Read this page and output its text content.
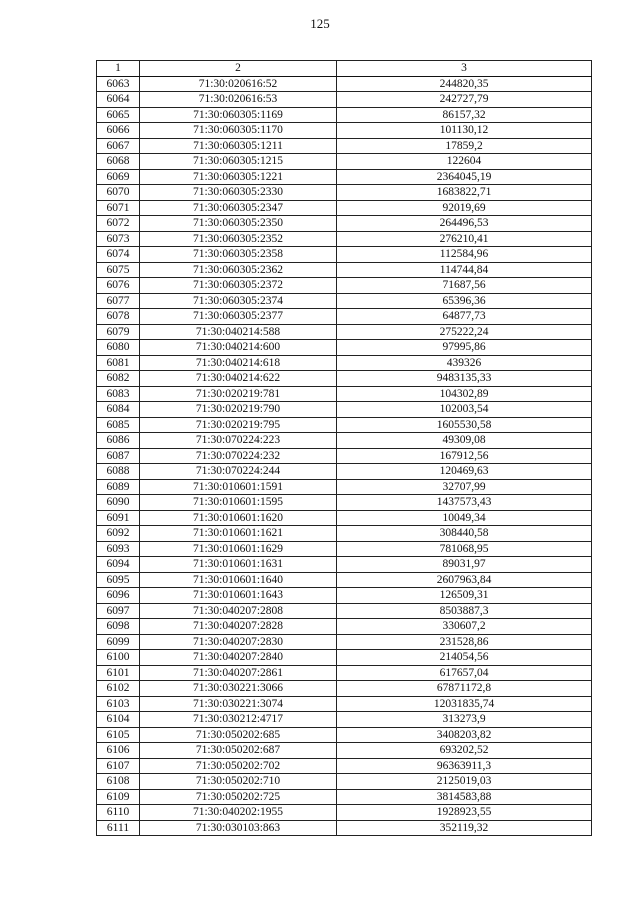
125
1	2	3
6063	71:30:020616:52	244820,35
6064	71:30:020616:53	242727,79
6065	71:30:060305:1169	86157,32
6066	71:30:060305:1170	101130,12
6067	71:30:060305:1211	17859,2
6068	71:30:060305:1215	122604
6069	71:30:060305:1221	2364045,19
6070	71:30:060305:2330	1683822,71
6071	71:30:060305:2347	92019,69
6072	71:30:060305:2350	264496,53
6073	71:30:060305:2352	276210,41
6074	71:30:060305:2358	112584,96
6075	71:30:060305:2362	114744,84
6076	71:30:060305:2372	71687,56
6077	71:30:060305:2374	65396,36
6078	71:30:060305:2377	64877,73
6079	71:30:040214:588	275222,24
6080	71:30:040214:600	97995,86
6081	71:30:040214:618	439326
6082	71:30:040214:622	9483135,33
6083	71:30:020219:781	104302,89
6084	71:30:020219:790	102003,54
6085	71:30:020219:795	1605530,58
6086	71:30:070224:223	49309,08
6087	71:30:070224:232	167912,56
6088	71:30:070224:244	120469,63
6089	71:30:010601:1591	32707,99
6090	71:30:010601:1595	1437573,43
6091	71:30:010601:1620	10049,34
6092	71:30:010601:1621	308440,58
6093	71:30:010601:1629	781068,95
6094	71:30:010601:1631	89031,97
6095	71:30:010601:1640	2607963,84
6096	71:30:010601:1643	126509,31
6097	71:30:040207:2808	8503887,3
6098	71:30:040207:2828	330607,2
6099	71:30:040207:2830	231528,86
6100	71:30:040207:2840	214054,56
6101	71:30:040207:2861	617657,04
6102	71:30:030221:3066	67871172,8
6103	71:30:030221:3074	12031835,74
6104	71:30:030212:4717	313273,9
6105	71:30:050202:685	3408203,82
6106	71:30:050202:687	693202,52
6107	71:30:050202:702	96363911,3
6108	71:30:050202:710	2125019,03
6109	71:30:050202:725	3814583,88
6110	71:30:040202:1955	1928923,55
6111	71:30:030103:863	352119,32
